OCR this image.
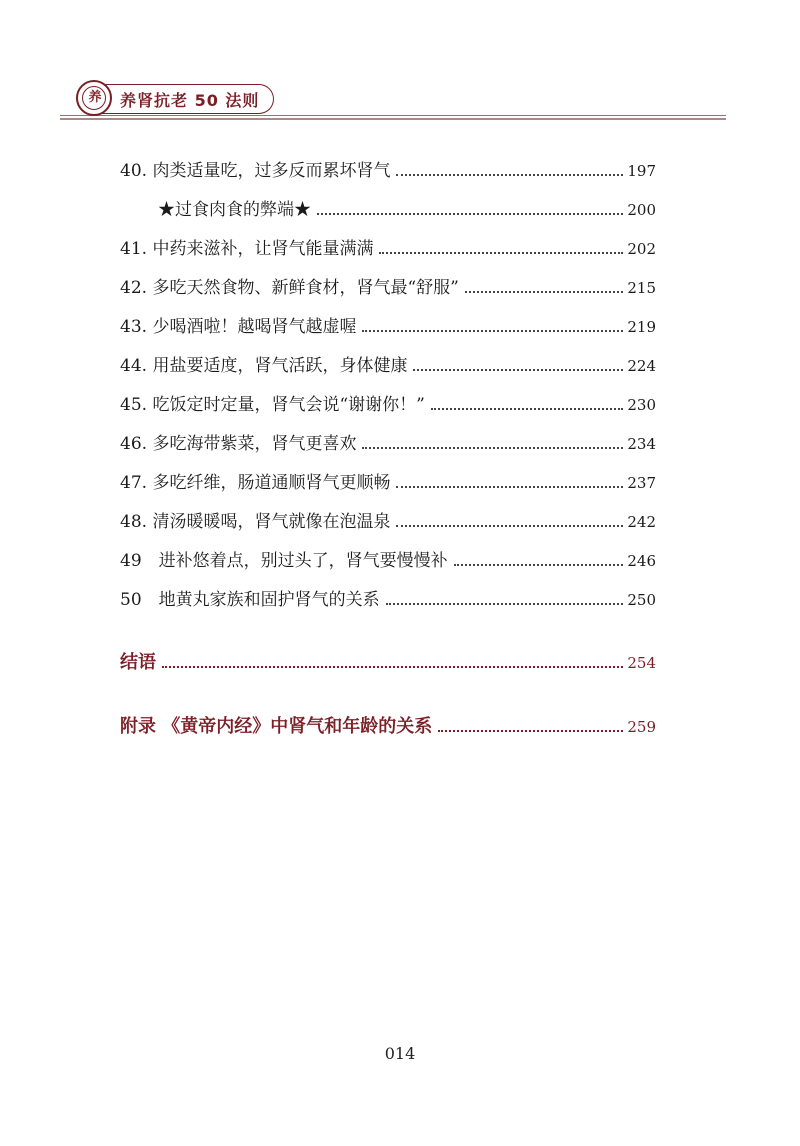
养	养肾抗老 50 法则
40. 肉类适量吃，过多反而累坏肾气	197
★过食肉食的弊端★	200
41. 中药来滋补，让肾气能量满满	202
42. 多吃天然食物、新鲜食材，肾气最“舒服”	215
43. 少喝酒啦！越喝肾气越虚喔	219
44. 用盐要适度，肾气活跃，身体健康	224
45. 吃饭定时定量，肾气会说“谢谢你！”	230
46. 多吃海带紫菜，肾气更喜欢	234
47. 多吃纤维，肠道通顺肾气更顺畅	237
48. 清汤暖暖喝，肾气就像在泡温泉	242
49　进补悠着点，别过头了，肾气要慢慢补	246
50　地黄丸家族和固护肾气的关系	250
结语	254
附录 《黄帝内经》中肾气和年龄的关系	259
014
